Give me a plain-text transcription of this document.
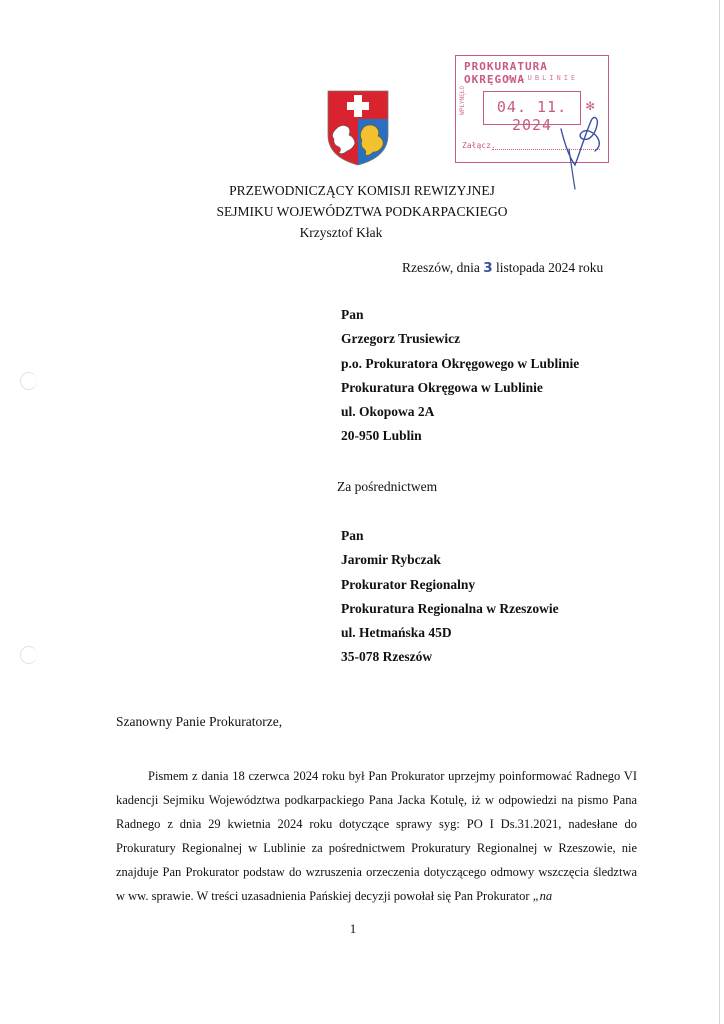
PROKURATURA OKRĘGOWA
W LUBLINIE
WPŁYNĘŁO	04. 11. 2024
✻
Załącz.
PRZEWODNICZĄCY KOMISJI REWIZYJNEJ
SEJMIKU WOJEWÓDZTWA PODKARPACKIEGO
Krzysztof Kłak
Rzeszów, dnia 3 listopada 2024 roku
Pan
Grzegorz Trusiewicz
p.o. Prokuratora Okręgowego w Lublinie
Prokuratura Okręgowa w Lublinie
ul. Okopowa 2A
20-950 Lublin
Za pośrednictwem
Pan
Jaromir Rybczak
Prokurator Regionalny
Prokuratura Regionalna w Rzeszowie
ul. Hetmańska 45D
35-078 Rzeszów
Szanowny Panie Prokuratorze,

Pismem z dania 18 czerwca 2024 roku był Pan Prokurator uprzejmy poinformować Radnego VI kadencji Sejmiku Województwa podkarpackiego Pana Jacka Kotulę, iż w odpowiedzi na pismo Pana Radnego z dnia 29 kwietnia 2024 roku dotyczące sprawy syg: PO I Ds.31.2021, nadesłane do Prokuratury Regionalnej w Lublinie za pośrednictwem Prokuratury Regionalnej w Rzeszowie, nie znajduje Pan Prokurator podstaw do wzruszenia orzeczenia dotyczącego odmowy wszczęcia śledztwa w ww. sprawie. W treści uzasadnienia Pańskiej decyzji powołał się Pan Prokurator „na

1
